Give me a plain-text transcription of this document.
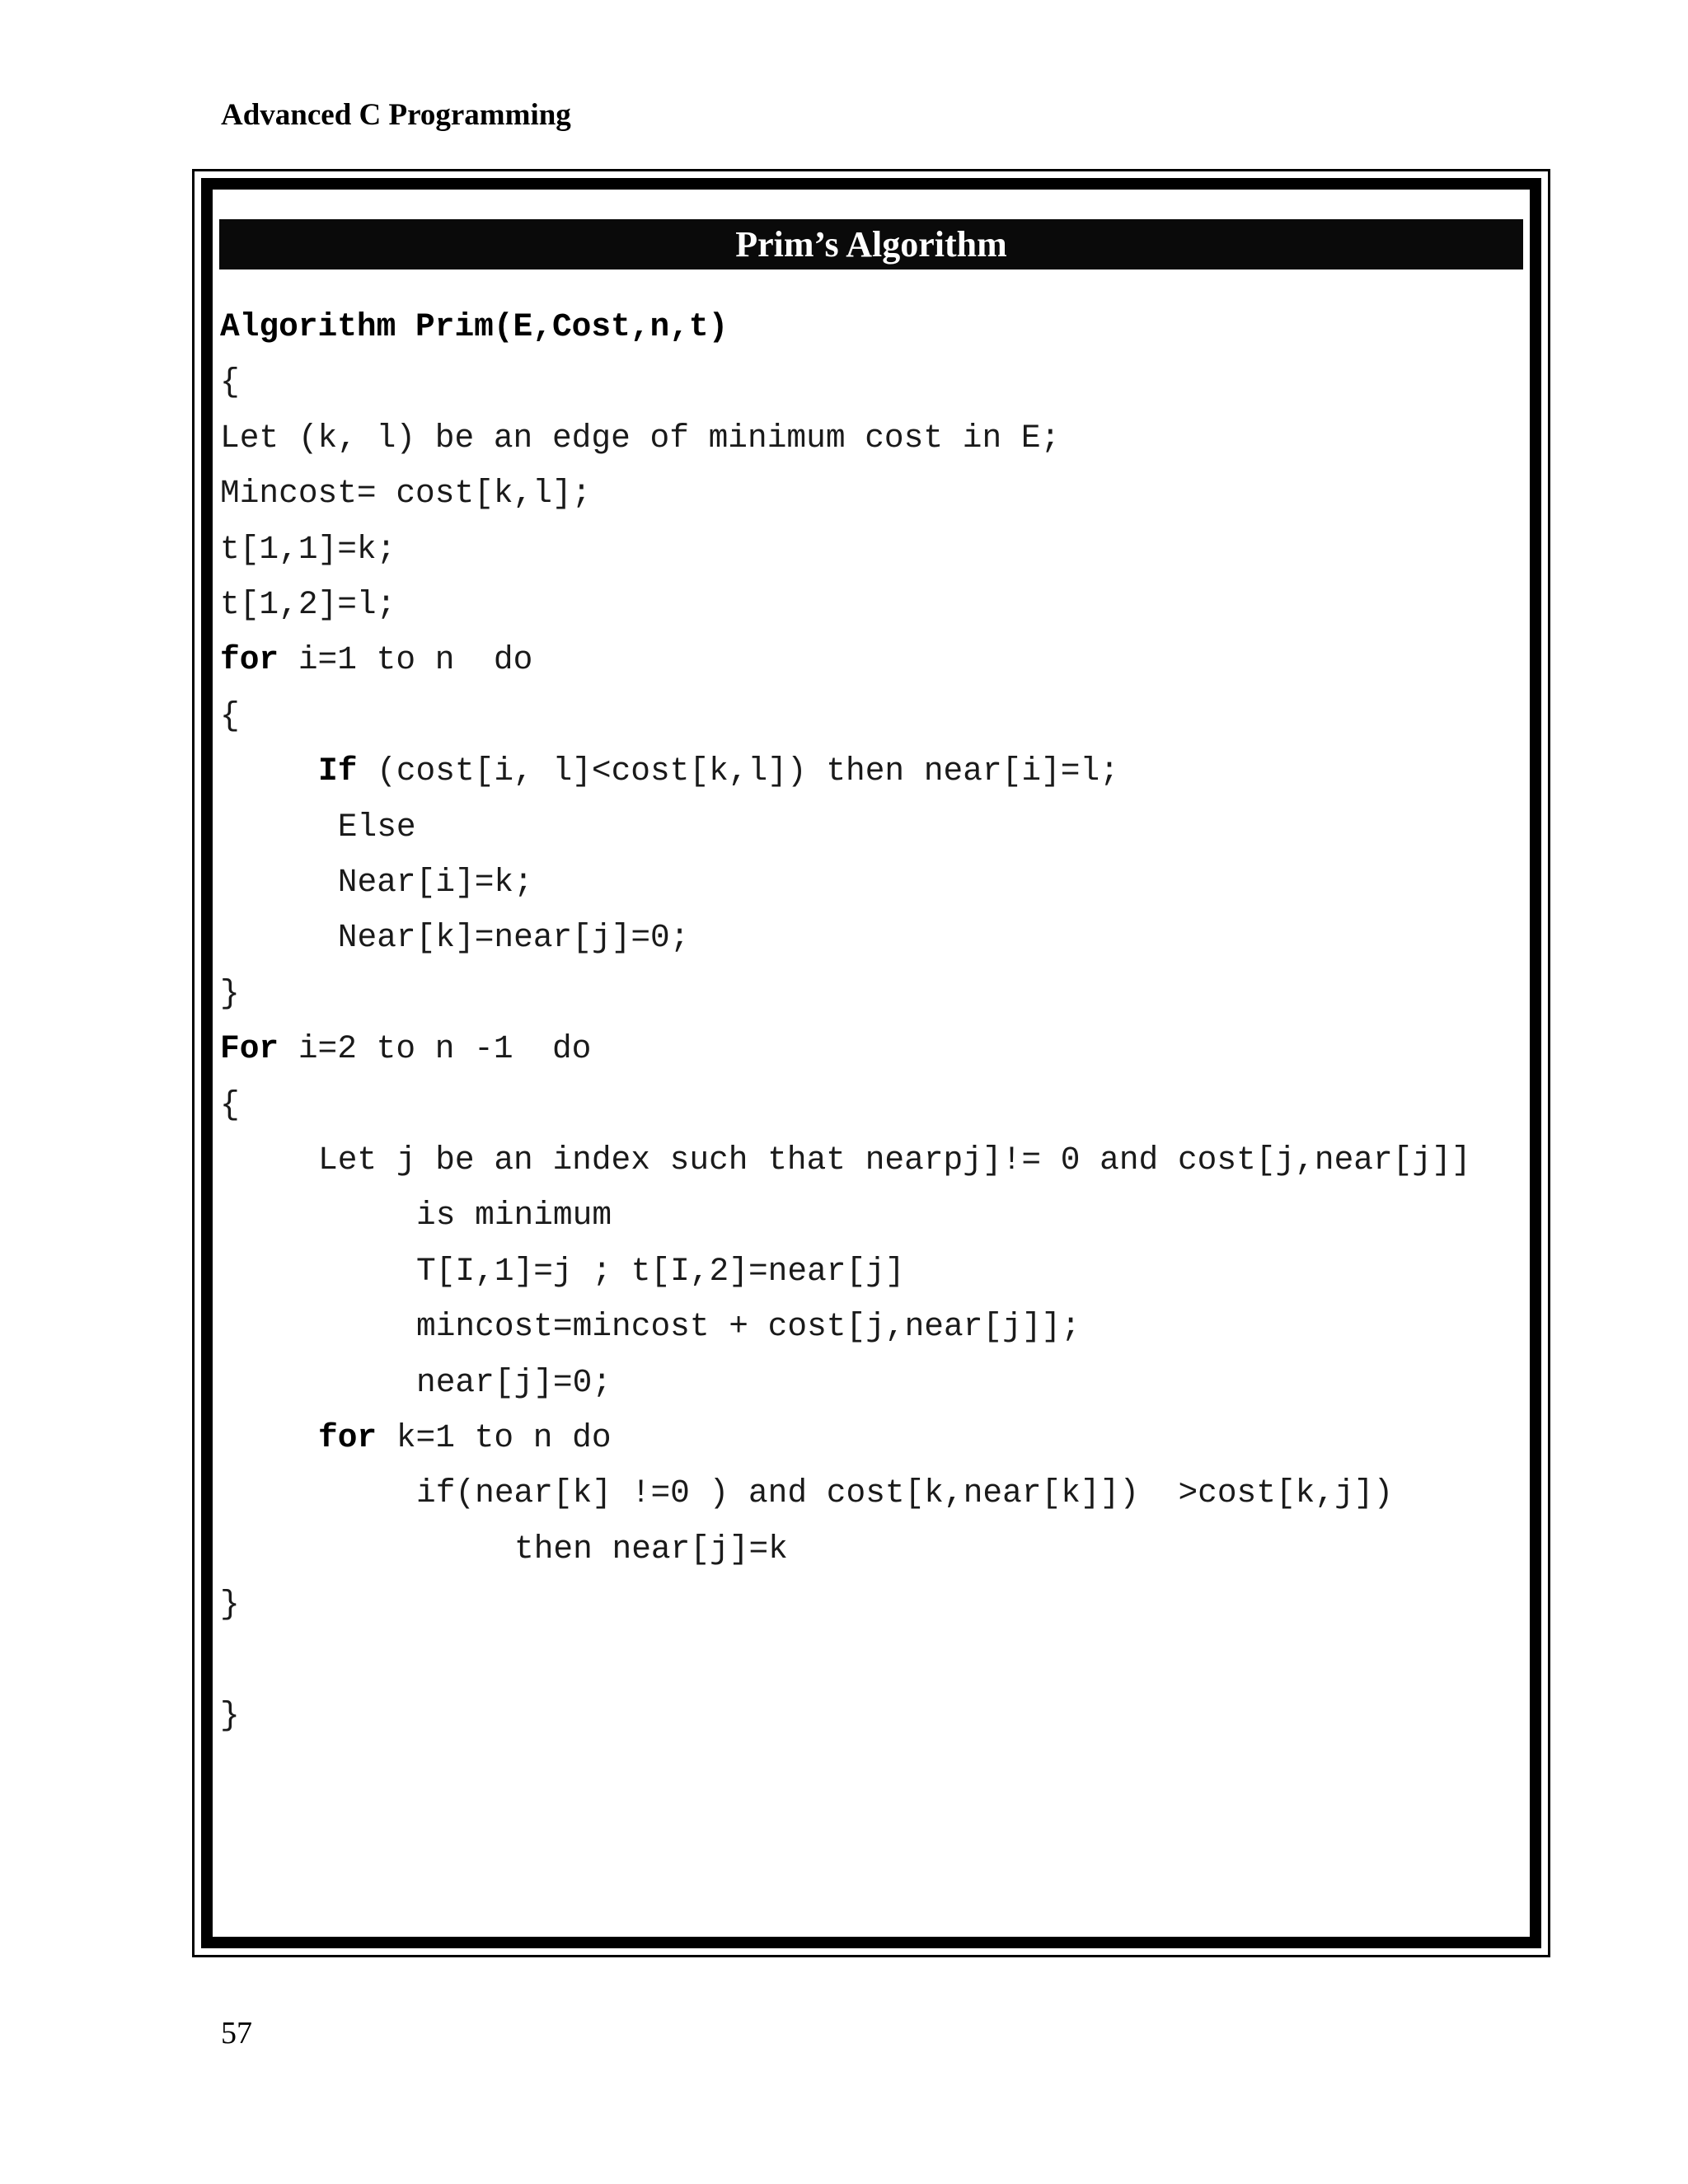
Advanced C Programming
Prim’s Algorithm
Algorithm Prim(E,Cost,n,t)
{
Let (k, l) be an edge of minimum cost in E;
Mincost= cost[k,l];
t[1,1]=k;
t[1,2]=l;
for i=1 to n  do
{
If (cost[i, l]<cost[k,l]) then near[i]=l;
Else
Near[i]=k;
Near[k]=near[j]=0;
}
For i=2 to n -1  do
{
Let j be an index such that nearpj]!= 0 and cost[j,near[j]]
is minimum
T[I,1]=j ; t[I,2]=near[j]
mincost=mincost + cost[j,near[j]];
near[j]=0;
for k=1 to n do
if(near[k] !=0 ) and cost[k,near[k]])  >cost[k,j])
then near[j]=k
}
}
57
